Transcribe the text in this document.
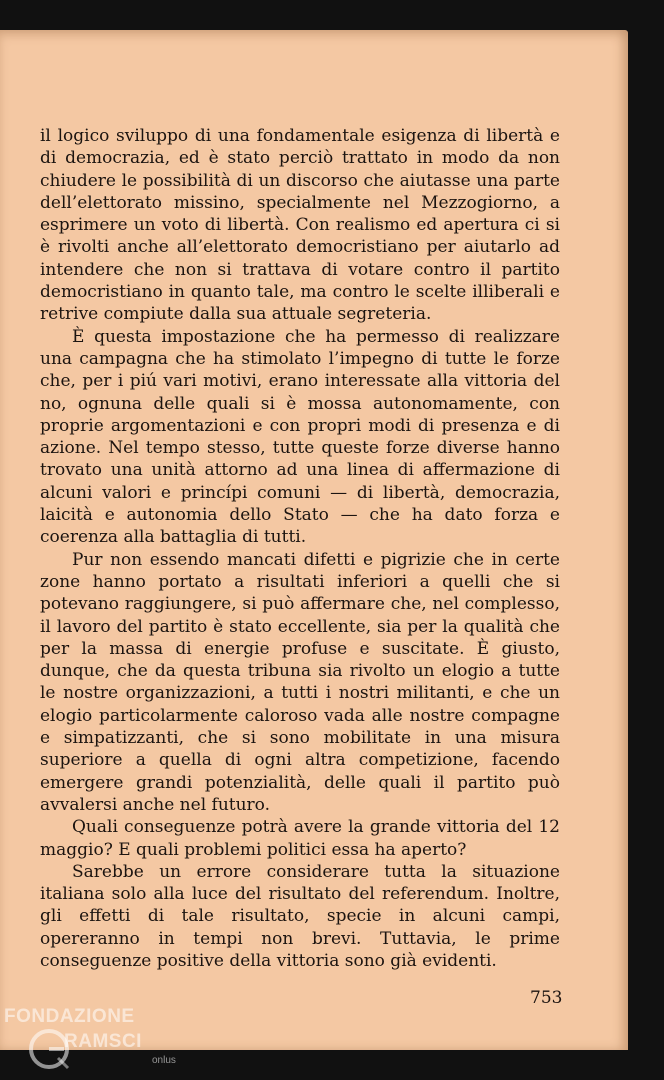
il logico sviluppo di una fondamentale esigenza di libertà e di democrazia, ed è stato perciò trattato in modo da non chiudere le possibilità di un discorso che aiutasse una parte dell’elettorato missino, specialmente nel Mezzogiorno, a esprimere un voto di libertà. Con realismo ed apertura ci si è rivolti anche all’elettorato democristiano per aiutarlo ad intendere che non si trattava di votare contro il partito democristiano in quanto tale, ma contro le scelte illiberali e retrive compiute dalla sua attuale segreteria.

È questa impostazione che ha permesso di realizzare una campagna che ha stimolato l’impegno di tutte le forze che, per i piú vari motivi, erano interessate alla vittoria del no, ognuna delle quali si è mossa autonomamente, con proprie argomentazioni e con propri modi di presenza e di azione. Nel tempo stesso, tutte queste forze diverse hanno trovato una unità attorno ad una linea di affermazione di alcuni valori e princípi comuni — di libertà, democrazia, laicità e autonomia dello Stato — che ha dato forza e coerenza alla battaglia di tutti.

Pur non essendo mancati difetti e pigrizie che in certe zone hanno portato a risultati inferiori a quelli che si potevano raggiungere, si può affermare che, nel complesso, il lavoro del partito è stato eccellente, sia per la qualità che per la massa di energie profuse e suscitate. È giusto, dunque, che da questa tribuna sia rivolto un elogio a tutte le nostre organizzazioni, a tutti i nostri militanti, e che un elogio particolarmente caloroso vada alle nostre compagne e simpatizzanti, che si sono mobilitate in una misura superiore a quella di ogni altra competizione, facendo emergere grandi potenzialità, delle quali il partito può avvalersi anche nel futuro.

Quali conseguenze potrà avere la grande vittoria del 12 maggio? E quali problemi politici essa ha aperto?

Sarebbe un errore considerare tutta la situazione italiana solo alla luce del risultato del referendum. Inoltre, gli effetti di tale risultato, specie in alcuni campi, opereranno in tempi non brevi. Tuttavia, le prime conseguenze positive della vittoria sono già evidenti.

753
FONDAZIONE
RAMSCI
onlus
